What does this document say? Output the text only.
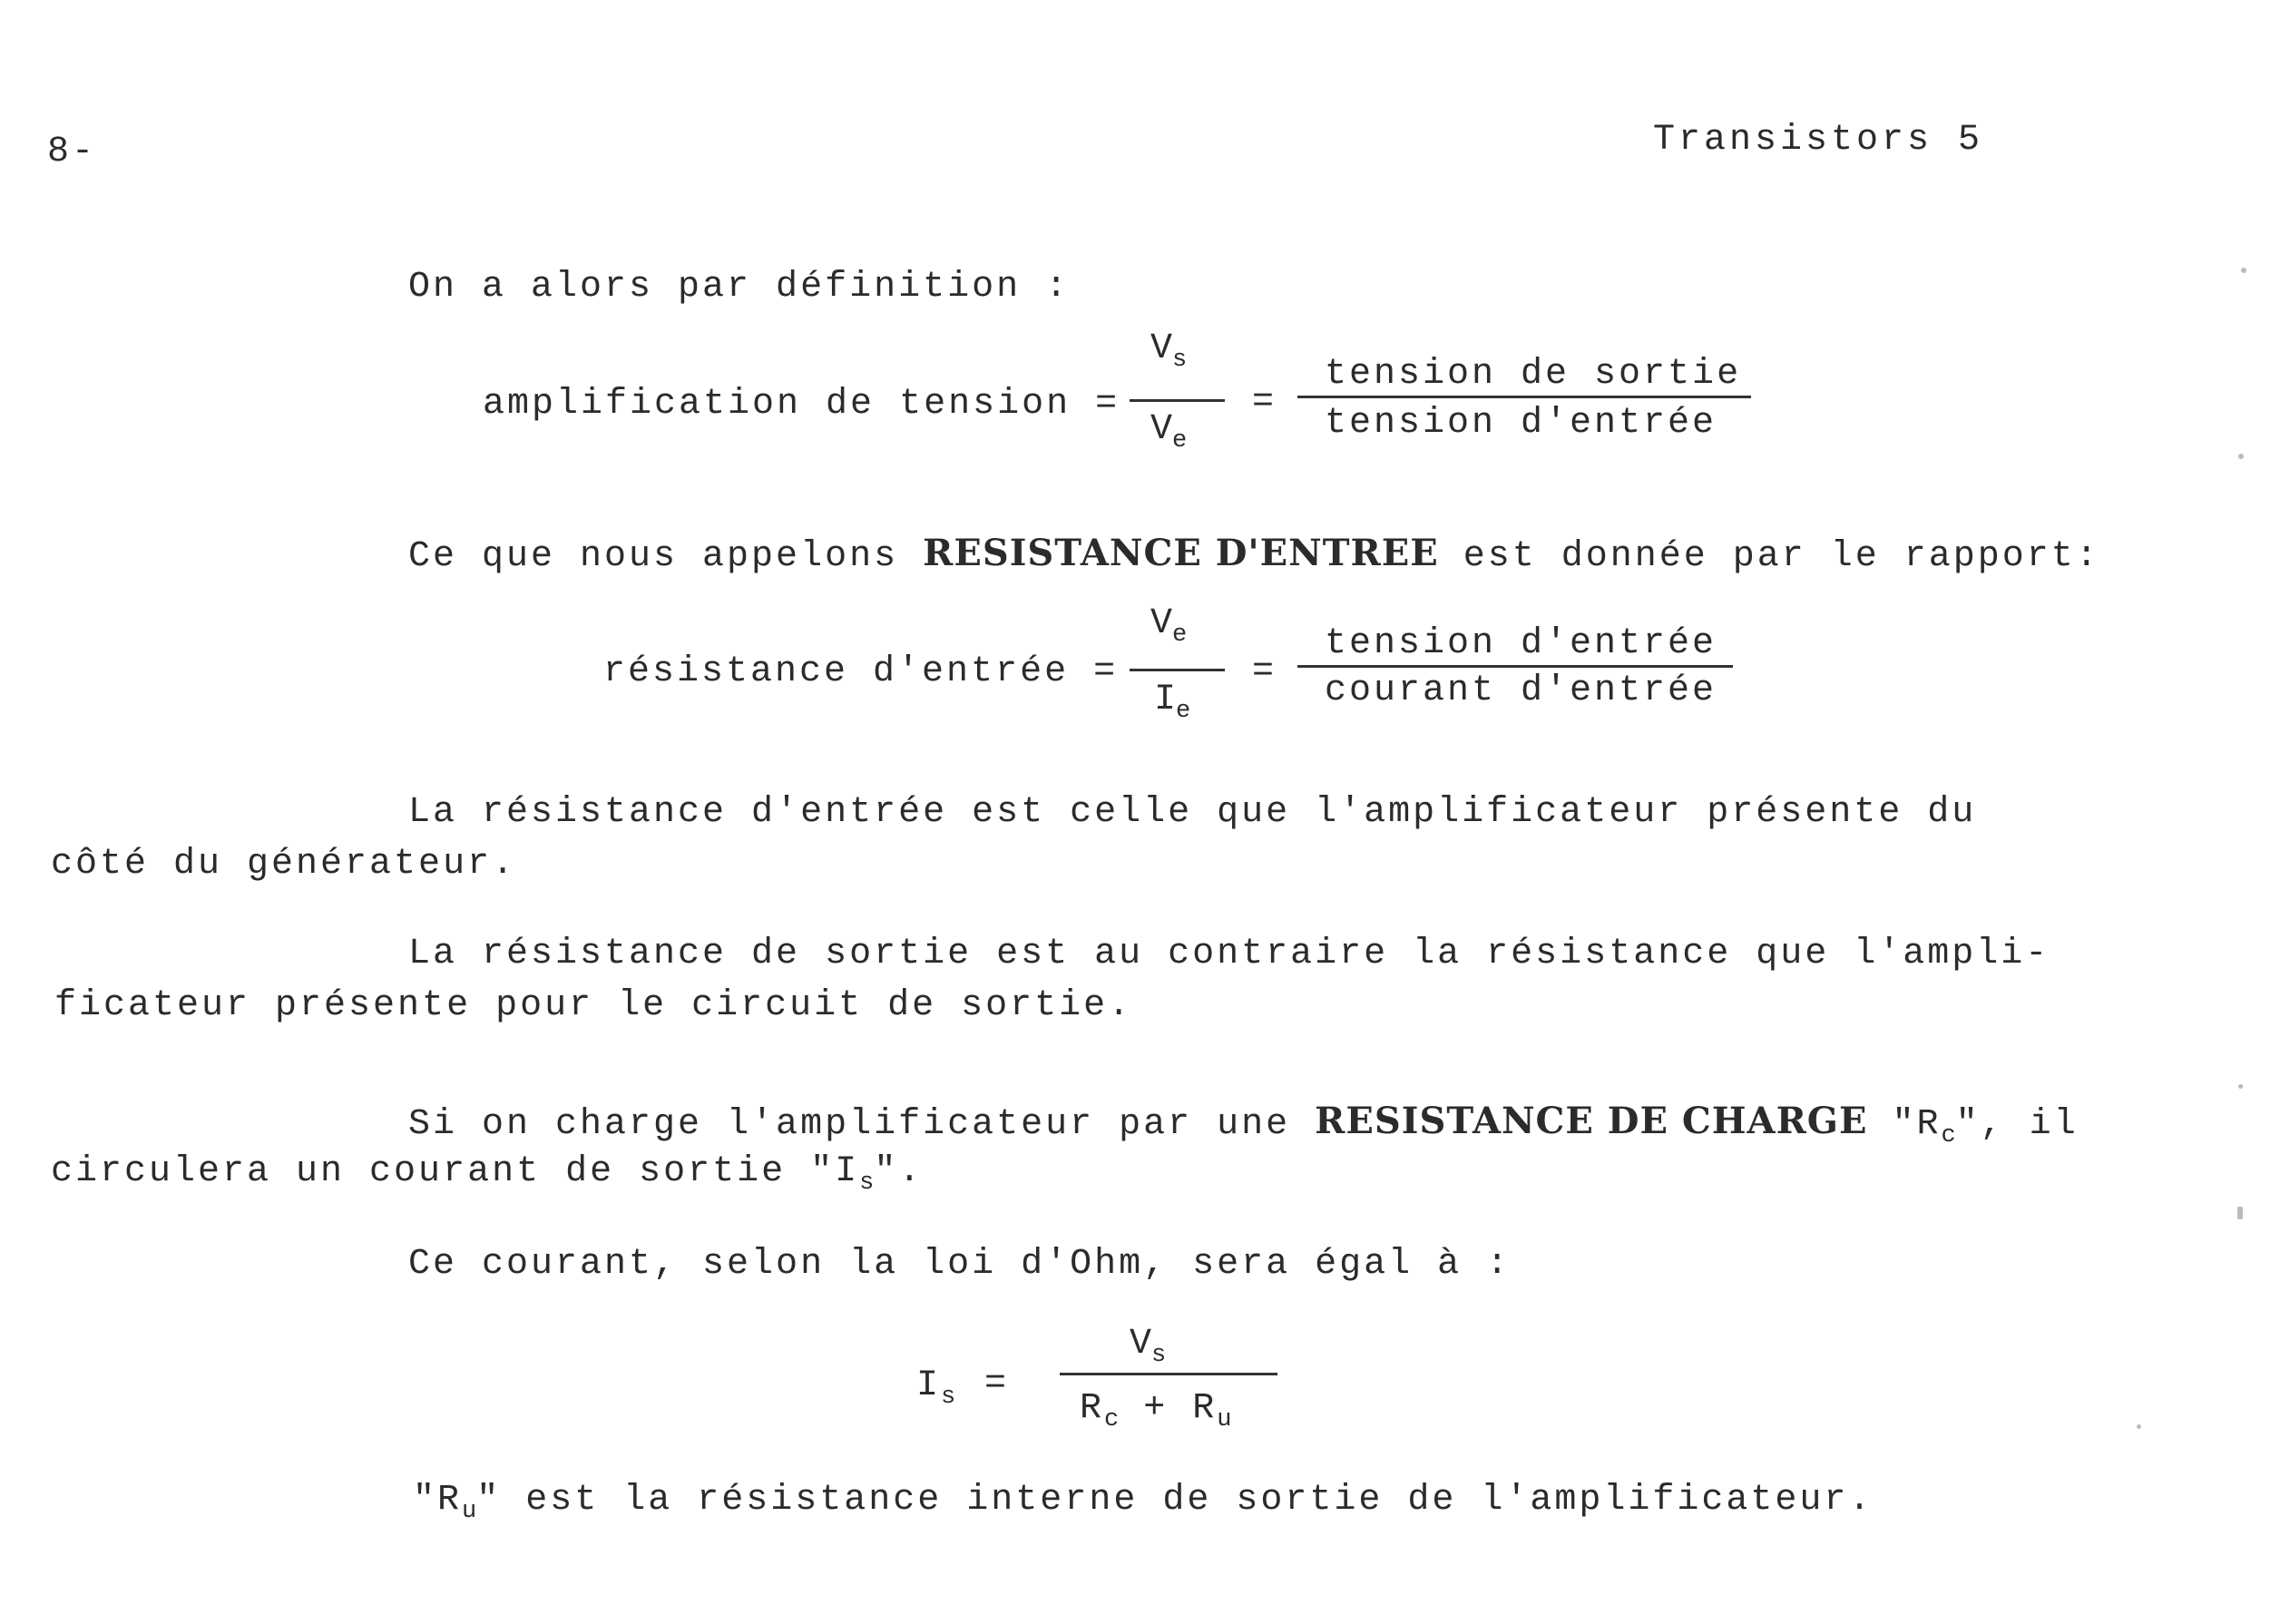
8-	Transistors 5
On a alors par définition :
$V_s$
amplification de tension =
$V_e$
=
tension de sortie
tension d'entrée
Ce que nous appelons RESISTANCE D'ENTREE est donnée par le rapport:
$V_e$
résistance d'entrée =
$I_e$
=
tension d'entrée
courant d'entrée
La résistance d'entrée est celle que l'amplificateur présente du
côté du générateur.
La résistance de sortie est au contraire la résistance que l'ampli-
ficateur présente pour le circuit de sortie.
Si on charge l'amplificateur par une RESISTANCE DE CHARGE "$R_c$", il
circulera un courant de sortie "$I_s$".
Ce courant, selon la loi d'Ohm, sera égal à :
$V_s$
$I_s$ =
$R_c + R_u$
"$R_u$" est la résistance interne de sortie de l'amplificateur.
